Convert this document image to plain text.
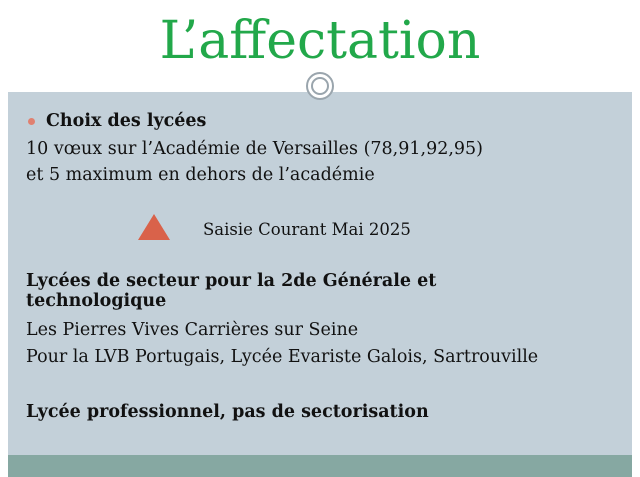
L’affectation
Choix des lycées
10 vœux sur l’Académie de Versailles (78,91,92,95)
et 5 maximum en dehors de l’académie
Saisie Courant Mai 2025
Lycées de secteur pour la 2de Générale et
technologique
Les Pierres Vives Carrières sur Seine
Pour la LVB Portugais, Lycée Evariste Galois, Sartrouville
Lycée professionnel, pas de sectorisation
